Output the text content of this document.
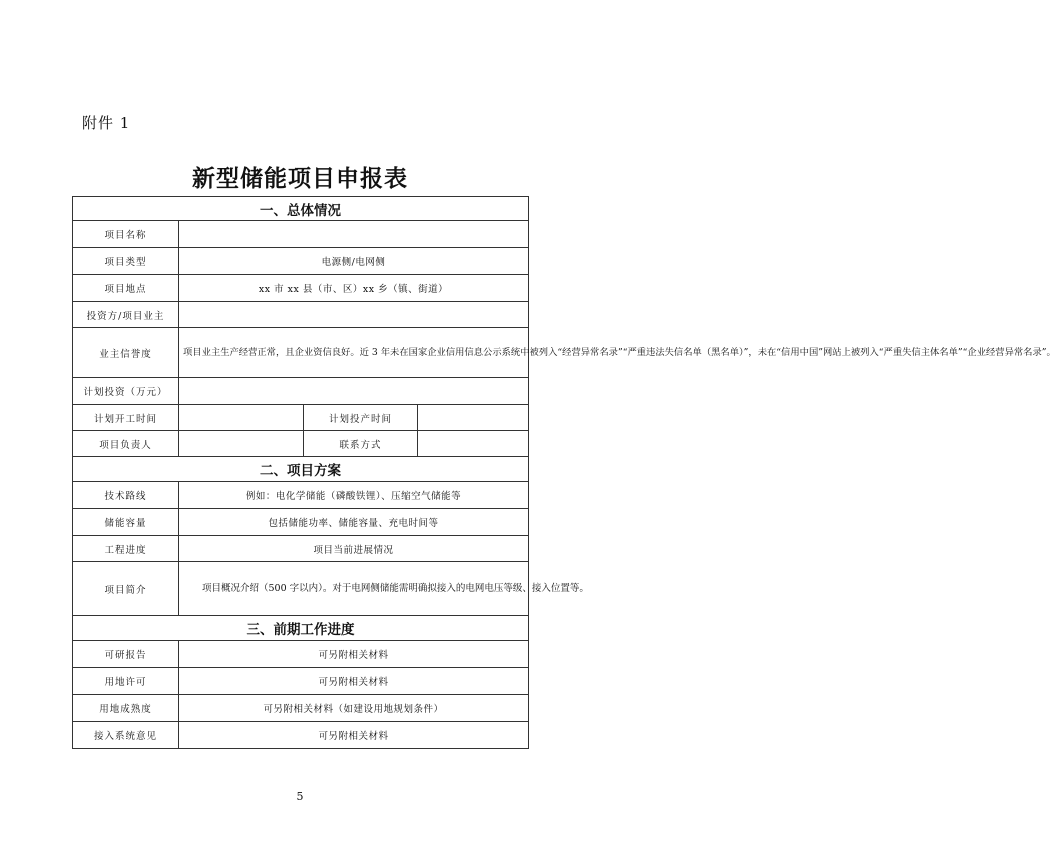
附件 1
新型储能项目申报表
一、总体情况			
项目名称			
项目类型	电源侧/电网侧		
项目地点	xx 市 xx 县（市、区）xx 乡（镇、街道）		
投资方/项目业主			
业主信誉度	项目业主生产经营正常，且企业资信良好。近 3 年未在国家企业信用信息公示系统中被列入“经营异常名录”“严重违法失信名单（黑名单）”，未在“信用中国”网站上被列入“严重失信主体名单”“企业经营异常名录”。		
计划投资（万元）			
计划开工时间		计划投产时间	
项目负责人		联系方式	
二、项目方案			
技术路线	例如：电化学储能（磷酸铁锂）、压缩空气储能等		
储能容量	包括储能功率、储能容量、充电时间等		
工程进度	项目当前进展情况		
项目简介	项目概况介绍（500 字以内）。对于电网侧储能需明确拟接入的电网电压等级、接入位置等。		
三、前期工作进度			
可研报告	可另附相关材料		
用地许可	可另附相关材料		
用地成熟度	可另附相关材料（如建设用地规划条件）		
接入系统意见	可另附相关材料		
5
